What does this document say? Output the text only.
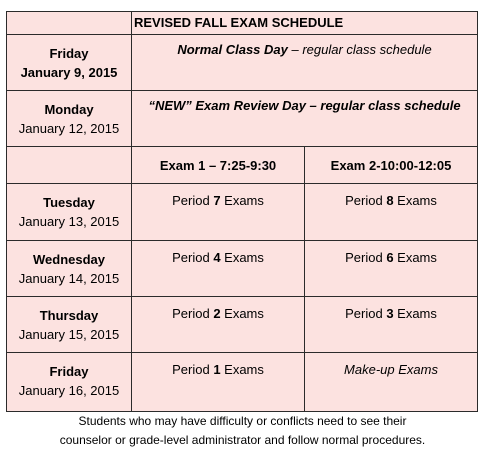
	REVISED FALL EXAM SCHEDULE	

Friday
January 9, 2015	Normal Class Day – regular class schedule	

Monday
January 12, 2015	“NEW” Exam Review Day – regular class schedule	
	Exam 1 – 7:25-9:30	Exam 2-10:00-12:05

Tuesday
January 13, 2015	Period 7 Exams	Period 8 Exams

Wednesday
January 14, 2015	Period 4 Exams	Period 6 Exams

Thursday
January 15, 2015	Period 2 Exams	Period 3 Exams

Friday
January 16, 2015	Period 1 Exams	Make-up Exams
Students who may have difficulty or conflicts need to see their
counselor or grade-level administrator and follow normal procedures.
